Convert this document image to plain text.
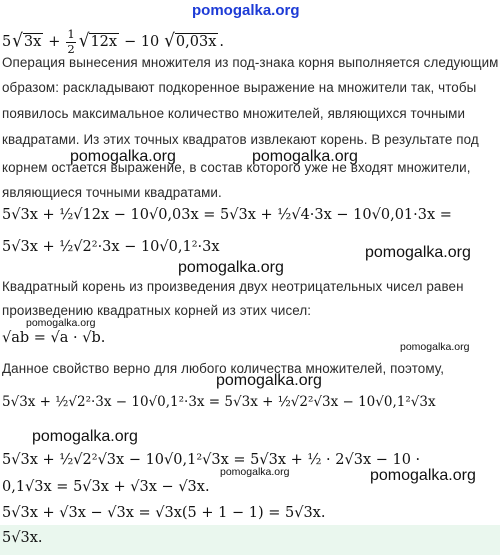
pomogalka.org
5 √ $3x + \frac{1}{2}$ √ 12x − 10 √ 0,03x .
Операция вынесения множителя из под-знака корня выполняется следующим
образом: раскладывают подкоренное выражение на множители так, чтобы
появилось максимальное количество множителей, являющихся точными
квадратами. Из этих точных квадратов извлекают корень. В результате под
корнем остается выражение, в состав которого уже не входят множители,
являющиеся точными квадратами.
pomogalka.org	pomogalka.org
5√3x + ½√12x − 10√0,03x = 5√3x + ½√4·3x − 10√0,01·3x =
5√3x + ½√2²·3x − 10√0,1²·3x	pomogalka.org
pomogalka.org
Квадратный корень из произведения двух неотрицательных чисел равен
произведению квадратных корней из этих чисел:
pomogalka.org
√ab = √a · √b.
pomogalka.org
Данное свойство верно для любого количества множителей, поэтому,
pomogalka.org
5√3x + ½√2²·3x − 10√0,1²·3x = 5√3x + ½√2²√3x − 10√0,1²√3x
pomogalka.org
5√3x + ½√2²√3x − 10√0,1²√3x = 5√3x + ½ · 2√3x − 10 ·
0,1√3x = 5√3x + √3x − √3x.
pomogalka.org	pomogalka.org
5√3x + √3x − √3x = √3x(5 + 1 − 1) = 5√3x.
5√3x.
